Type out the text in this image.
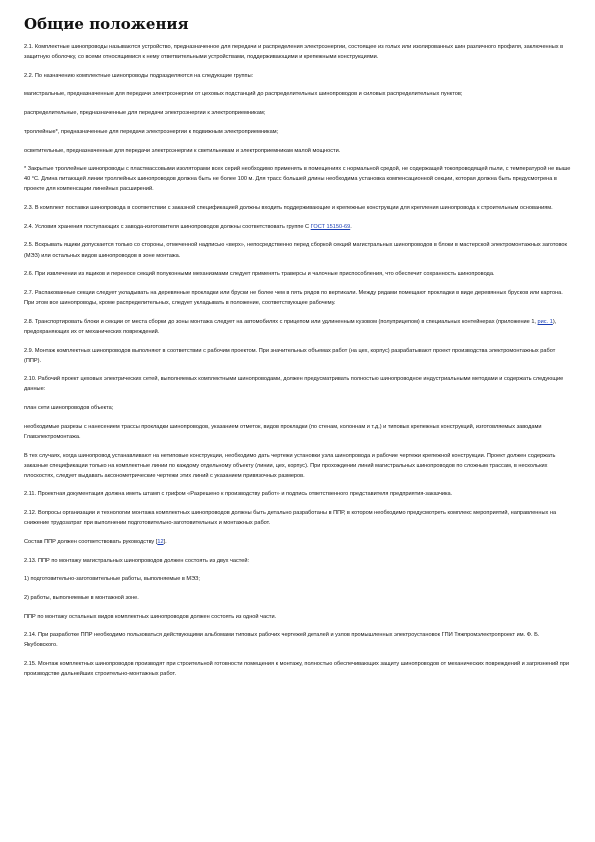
Общие положения

2.1. Комплектные шинопроводы называются устройство, предназначенное для передачи и распределения электроэнергии, состоящее из голых или изолированных шин различного профиля, заключенных в защитную оболочку, со всеми относящимися к нему ответвительными устройствами, поддерживающими и крепежными конструкциями.

2.2. По назначению комплектные шинопроводы подразделяются на следующие группы:

магистральные, предназначенные для передачи электроэнергии от цеховых подстанций до распределительных шинопроводов и силовых распределительных пунктов;

распределительные, предназначенные для передачи электроэнергии к электроприемникам;

троллейные*, предназначенные для передачи электроэнергии к подвижным электроприемникам;

осветительные, предназначенные для передачи электроэнергии к светильникам и электроприемникам малой мощности.

* Закрытые троллейные шинопроводы с пластмассовыми изоляторами всех серий необходимо применять в помещениях с нормальной средой, не содержащей токопроводящей пыли, с температурой не выше 40 °С. Длина питающей линии троллейных шинопроводов должна быть не более 100 м. Для трасс большей длины необходима установка компенсационной секции, которая должна быть предусмотрена в проекте для компенсации линейных расширений.

2.3. В комплект поставки шинопровода в соответствии с заказной спецификацией должны входить поддерживающие и крепежные конструкции для крепления шинопровода к строительным основаниям.

2.4. Условия хранения поступающих с завода-изготовителя шинопроводов должны соответствовать группе С ГОСТ 15150-69.

2.5. Вскрывать ящики допускается только со стороны, отмеченной надписью «верх», непосредственно перед сборкой секций магистральных шинопроводов в блоки в мастерской электромонтажных заготовок (МЭЗ) или остальных видов шинопроводов в зоне монтажа.

2.6. При извлечении из ящиков и переносе секций полуконными механизмами следует применять траверсы и чалочные приспособления, что обеспечит сохранность шинопровода.

2.7. Распакованные секции следует укладывать на деревянные прокладки или бруски не более чем в пять рядов по вертикали. Между рядами помещают прокладки в виде деревянных брусков или картона. При этом все шинопроводы, кроме распределительных, следует укладывать в положение, соответствующее рабочему.

2.8. Транспортировать блоки и секции от места сборки до зоны монтажа следует на автомобилях с прицепом или удлиненным кузовом (полуприцепом) в специальных контейнерах (приложение 1, рис. 1), предохраняющих их от механических повреждений.

2.9. Монтаж комплектных шинопроводов выполняют в соответствии с рабочим проектом. При значительных объемах работ (на цех, корпус) разрабатывают проект производства электромонтажных работ (ППР).

2.10. Рабочий проект цеховых электрических сетей, выполняемых комплектными шинопроводами, должен предусматривать полностью шинопроводное индустриальными методами и содержать следующие данные:

план сети шинопроводов объекта;

необходимые разрезы с нанесением трассы прокладки шинопроводов, указанием отметок, видов прокладки (по стенам, колоннам и т.д.) и типовых крепежных конструкций, изготовляемых заводами Главэлектромонтажа.

В тех случаях, когда шинопровод устанавливают на нетиповые конструкции, необходимо дать чертежи установки узла шинопровода и рабочие чертежи крепежной конструкции. Проект должен содержать заказные спецификации только на комплектные линии по каждому отдельному объекту (линии, цех, корпус). При прохождении линий магистральных шинопроводов по сложным трассам, в нескольких плоскостях, следует выдавать аксонометрические чертежи этих линий с указанием привязочных размеров.

2.11. Проектная документация должна иметь штамп с грифом «Разрешено к производству работ» и подпись ответственного представителя предприятия-заказчика.

2.12. Вопросы организации и технологии монтажа комплектных шинопроводов должны быть детально разработаны в ППР, в котором необходимо предусмотреть комплекс мероприятий, направленных на снижение трудозатрат при выполнении подготовительно-заготовительных и монтажных работ.

Состав ППР должен соответствовать руководству [12].

2.13. ППР по монтажу магистральных шинопроводов должен состоять из двух частей:

1) подготовительно-заготовительные работы, выполняемые в МЭЗ;

2) работы, выполняемые в монтажной зоне.

ППР по монтажу остальных видов комплектных шинопроводов должен состоять из одной части.

2.14. При разработке ППР необходимо пользоваться действующими альбомами типовых рабочих чертежей деталей и узлов промышленных электроустановок ГПИ Тяжпромэлектропроект им. Ф. Б. Якубовского.

2.15. Монтаж комплектных шинопроводов производят при строительной готовности помещения к монтажу, полностью обеспечивающих защиту шинопроводов от механических повреждений и загрязнений при производстве дальнейших строительно-монтажных работ.
